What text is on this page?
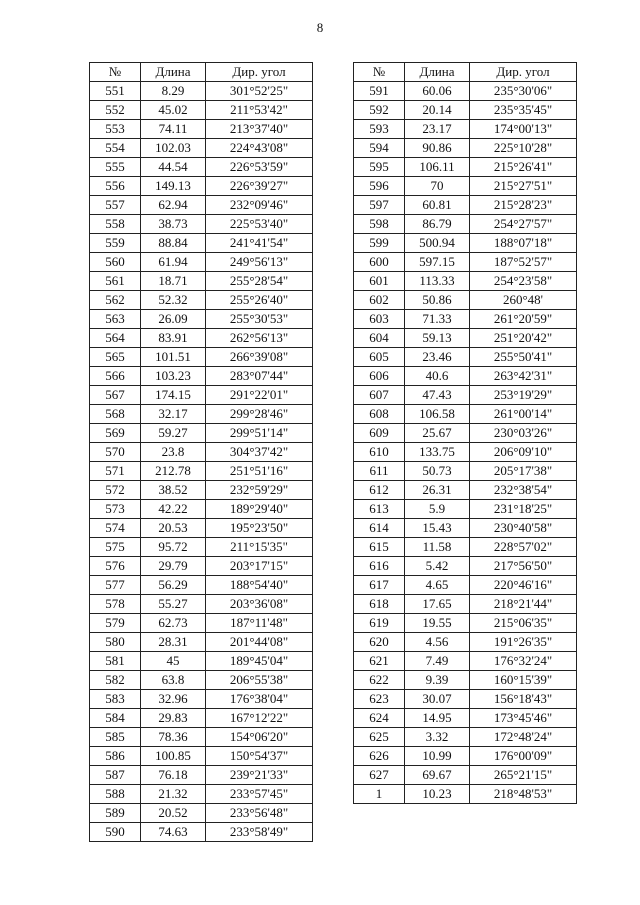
8
№	Длина	Дир. угол
551	8.29	301°52'25"
552	45.02	211°53'42"
553	74.11	213°37'40"
554	102.03	224°43'08"
555	44.54	226°53'59"
556	149.13	226°39'27"
557	62.94	232°09'46"
558	38.73	225°53'40"
559	88.84	241°41'54"
560	61.94	249°56'13"
561	18.71	255°28'54"
562	52.32	255°26'40"
563	26.09	255°30'53"
564	83.91	262°56'13"
565	101.51	266°39'08"
566	103.23	283°07'44"
567	174.15	291°22'01"
568	32.17	299°28'46"
569	59.27	299°51'14"
570	23.8	304°37'42"
571	212.78	251°51'16"
572	38.52	232°59'29"
573	42.22	189°29'40"
574	20.53	195°23'50"
575	95.72	211°15'35"
576	29.79	203°17'15"
577	56.29	188°54'40"
578	55.27	203°36'08"
579	62.73	187°11'48"
580	28.31	201°44'08"
581	45	189°45'04"
582	63.8	206°55'38"
583	32.96	176°38'04"
584	29.83	167°12'22"
585	78.36	154°06'20"
586	100.85	150°54'37"
587	76.18	239°21'33"
588	21.32	233°57'45"
589	20.52	233°56'48"
590	74.63	233°58'49"
№	Длина	Дир. угол
591	60.06	235°30'06"
592	20.14	235°35'45"
593	23.17	174°00'13"
594	90.86	225°10'28"
595	106.11	215°26'41"
596	70	215°27'51"
597	60.81	215°28'23"
598	86.79	254°27'57"
599	500.94	188°07'18"
600	597.15	187°52'57"
601	113.33	254°23'58"
602	50.86	260°48'
603	71.33	261°20'59"
604	59.13	251°20'42"
605	23.46	255°50'41"
606	40.6	263°42'31"
607	47.43	253°19'29"
608	106.58	261°00'14"
609	25.67	230°03'26"
610	133.75	206°09'10"
611	50.73	205°17'38"
612	26.31	232°38'54"
613	5.9	231°18'25"
614	15.43	230°40'58"
615	11.58	228°57'02"
616	5.42	217°56'50"
617	4.65	220°46'16"
618	17.65	218°21'44"
619	19.55	215°06'35"
620	4.56	191°26'35"
621	7.49	176°32'24"
622	9.39	160°15'39"
623	30.07	156°18'43"
624	14.95	173°45'46"
625	3.32	172°48'24"
626	10.99	176°00'09"
627	69.67	265°21'15"
1	10.23	218°48'53"
